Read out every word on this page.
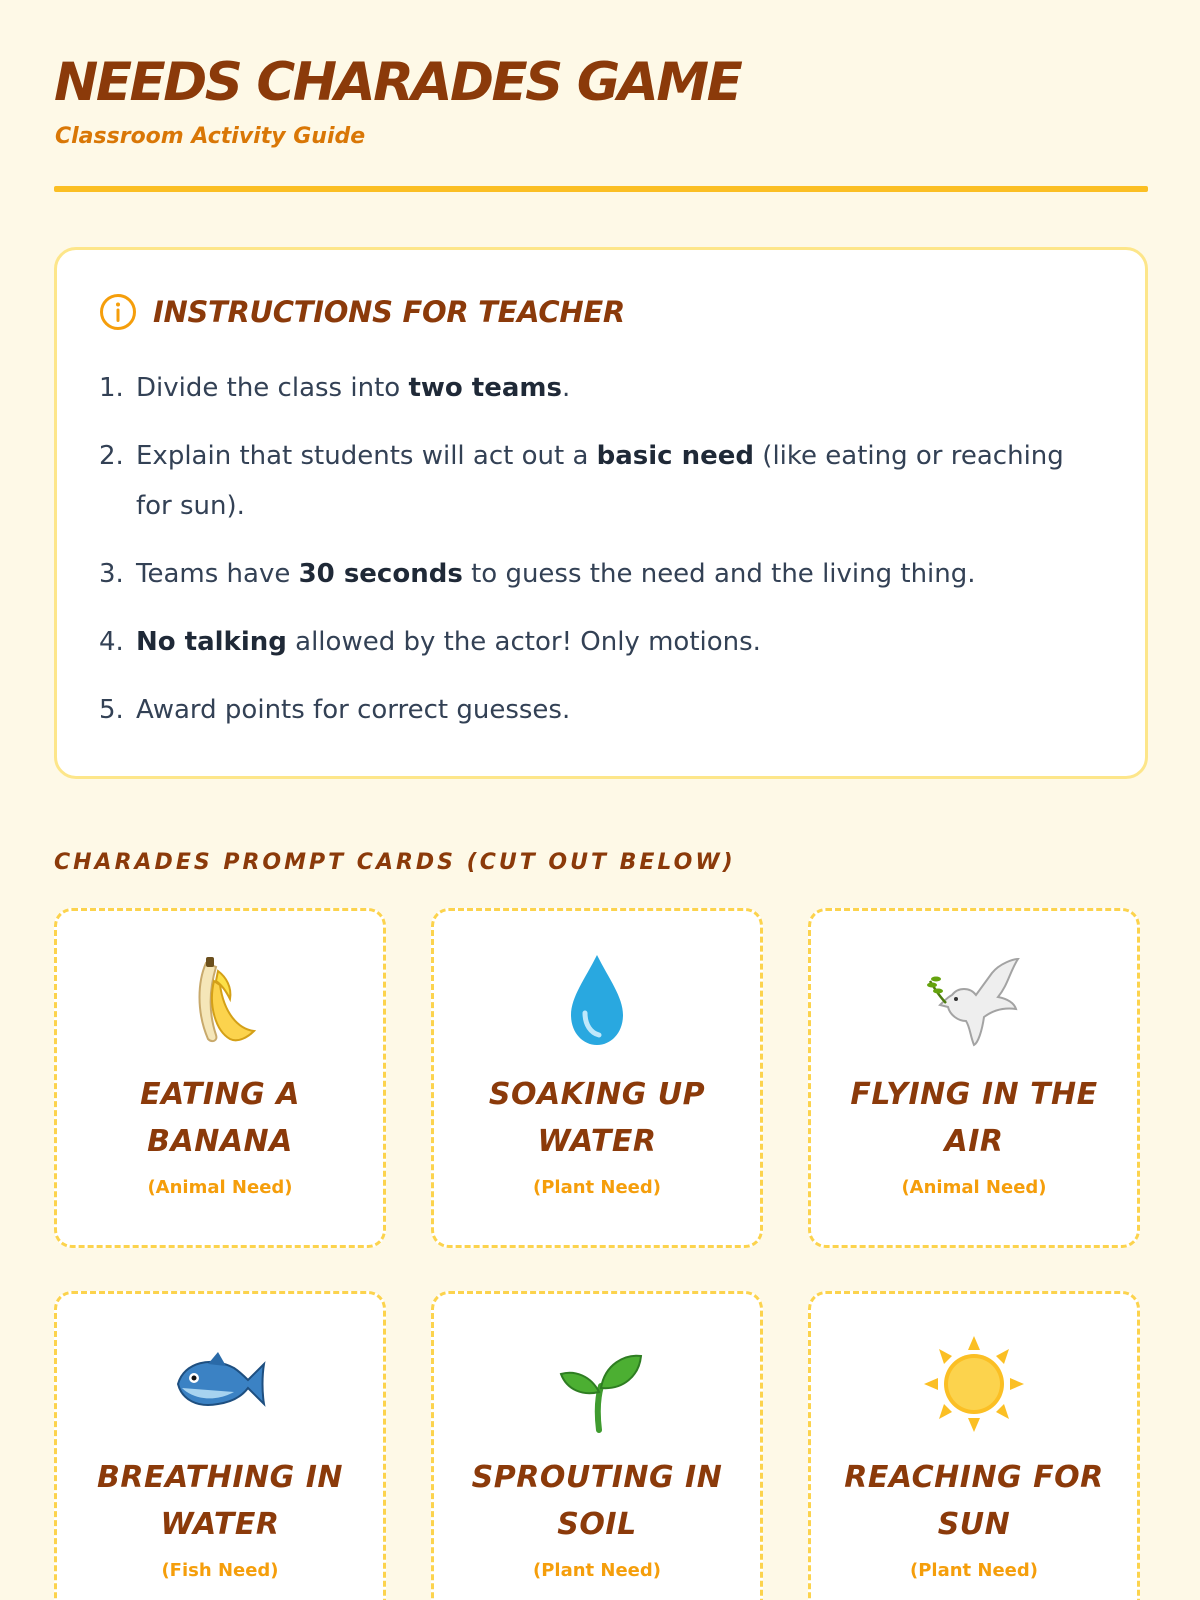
NEEDS CHARADES GAME
Classroom Activity Guide
INSTRUCTIONS FOR TEACHER
1. Divide the class into two teams.
2. Explain that students will act out a basic need (like eating or reaching for sun).
3. Teams have 30 seconds to guess the need and the living thing.
4. No talking allowed by the actor! Only motions.
5. Award points for correct guesses.
CHARADES PROMPT CARDS (CUT OUT BELOW)
EATING A BANANA
(Animal Need)
SOAKING UP WATER
(Plant Need)
FLYING IN THE AIR
(Animal Need)
BREATHING IN WATER
(Fish Need)
SPROUTING IN SOIL
(Plant Need)
REACHING FOR SUN
(Plant Need)
